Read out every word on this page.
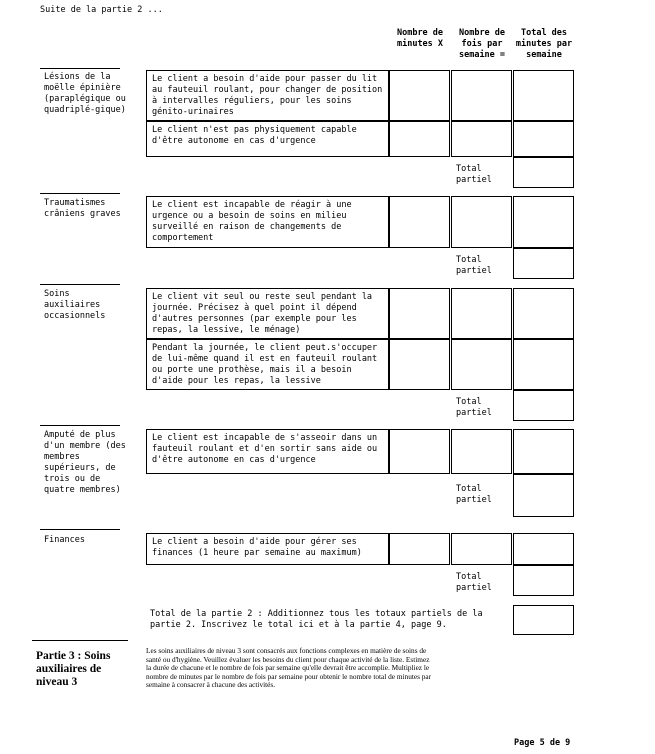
Suite de la partie 2 ...
Nombre de minutes X
Nombre de fois par semaine =
Total des minutes par semaine
Lésions de la moëlle épinière (paraplégique ou quadriplé-gique)
Le client a besoin d'aide pour passer du lit au fauteuil roulant, pour changer de position à intervalles réguliers, pour les soins génito-urinaires
Le client n'est pas physiquement capable d'être autonome en cas d'urgence
Total partiel
Traumatismes crâniens graves
Le client est incapable de réagir à une urgence ou a besoin de soins en milieu surveillé en raison de changements de comportement
Total partiel
Soins auxiliaires occasionnels
Le client vit seul ou reste seul pendant la journée. Précisez à quel point il dépend d'autres personnes (par exemple pour les repas, la lessive, le ménage)
Pendant la journée, le client peut.s'occuper de lui-même quand il est en fauteuil roulant ou porte une prothèse, mais il a besoin d'aide pour les repas, la lessive
Total partiel
Amputé de plus d'un membre (des membres supérieurs, de trois ou de quatre membres)
Le client est incapable de s'asseoir dans un fauteuil roulant et d'en sortir sans aide ou d'être autonome en cas d'urgence
Total partiel
Finances	Le client a besoin d'aide pour gérer ses finances (1 heure par semaine au maximum)
Total partiel
Total de la partie 2 : Additionnez tous les totaux partiels de la partie 2. Inscrivez le total ici et à la partie 4, page 9.
Partie 3 : Soins auxiliaires de niveau 3
Les soins auxiliaires de niveau 3 sont consacrés aux fonctions complexes en matière de soins de santé ou d'hygiène. Veuillez évaluer les besoins du client pour chaque activité de la liste. Estimez la durée de chacune et le nombre de fois par semaine qu'elle devrait être accomplie. Multipliez le nombre de minutes par le nombre de fois par semaine pour obtenir le nombre total de minutes par semaine à consacrer à chacune des activités.
Page 5 de 9
